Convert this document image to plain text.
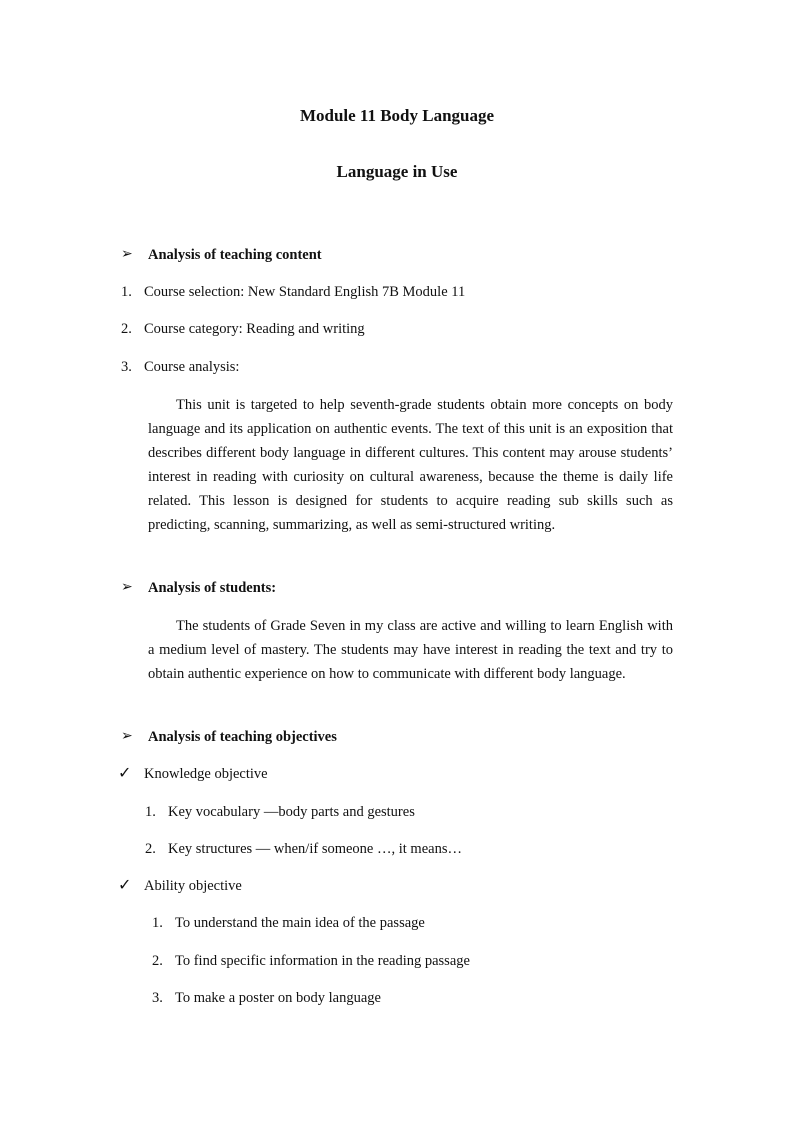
Module 11 Body Language
Language in Use
➢ Analysis of teaching content
1. Course selection: New Standard English 7B Module 11
2. Course category: Reading and writing
3. Course analysis:
This unit is targeted to help seventh-grade students obtain more concepts on body language and its application on authentic events. The text of this unit is an exposition that describes different body language in different cultures. This content may arouse students’ interest in reading with curiosity on cultural awareness, because the theme is daily life related. This lesson is designed for students to acquire reading sub skills such as predicting, scanning, summarizing, as well as semi-structured writing.
➢ Analysis of students:
The students of Grade Seven in my class are active and willing to learn English with a medium level of mastery. The students may have interest in reading the text and try to obtain authentic experience on how to communicate with different body language.
➢ Analysis of teaching objectives
✓ Knowledge objective
1. Key vocabulary —body parts and gestures
2. Key structures — when/if someone …, it means…
✓ Ability objective
1. To understand the main idea of the passage
2. To find specific information in the reading passage
3. To make a poster on body language
